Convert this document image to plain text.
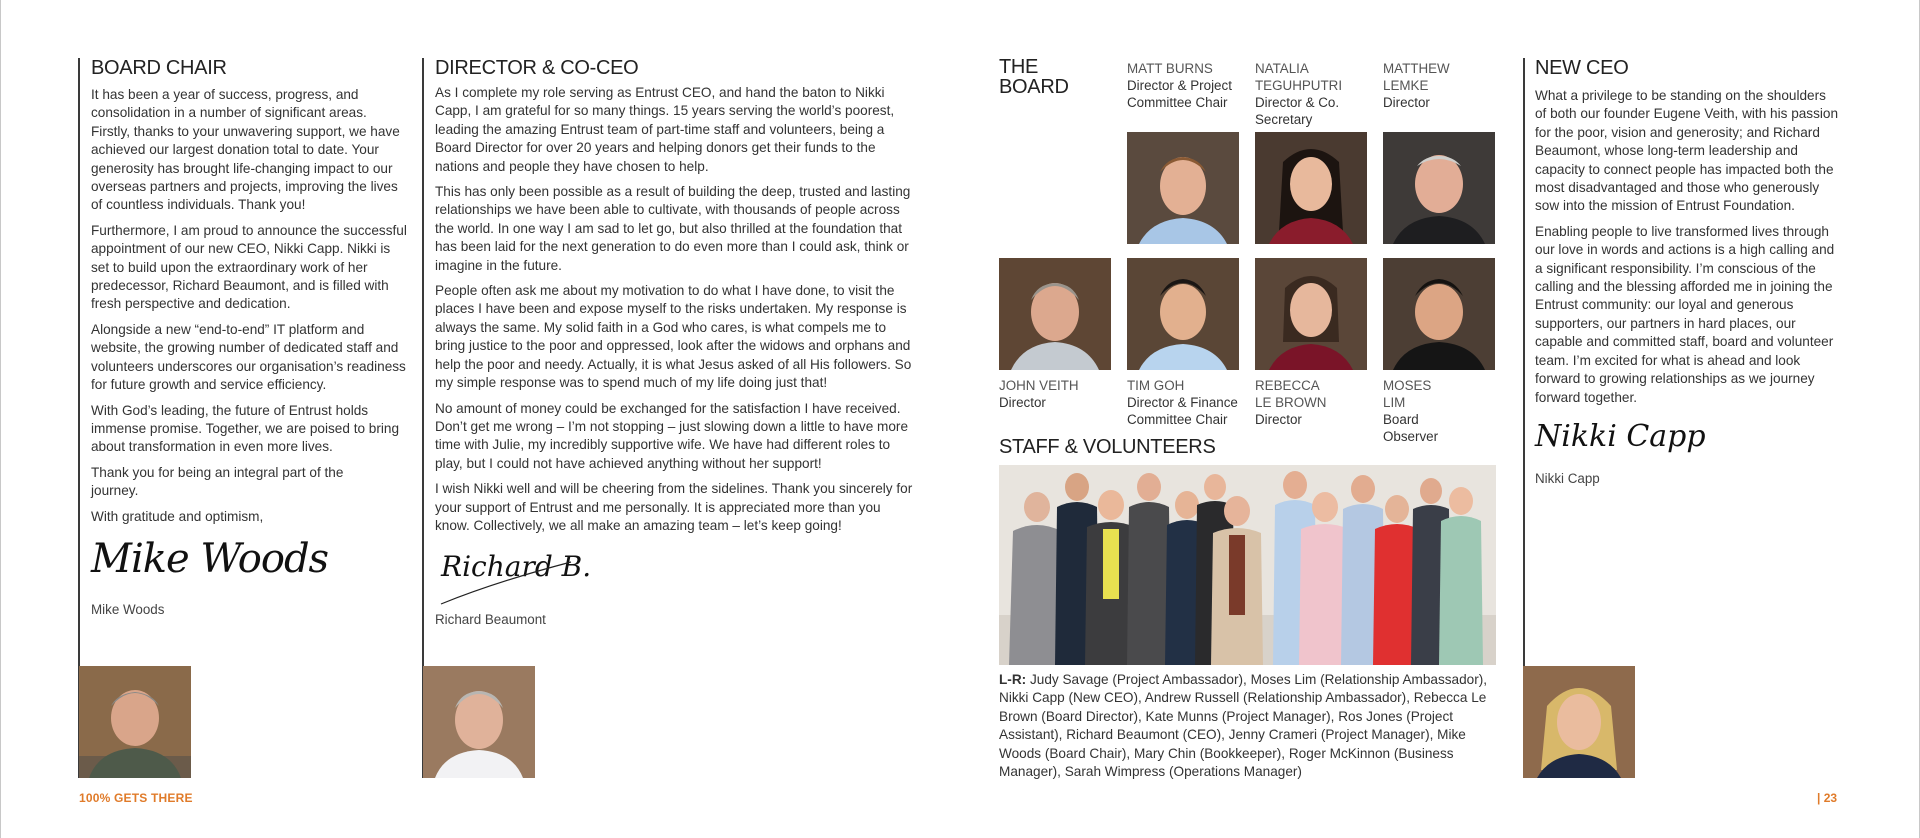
BOARD CHAIR

It has been a year of success, progress, and consolidation in a number of significant areas. Firstly, thanks to your unwavering support, we have achieved our largest donation total to date. Your generosity has brought life-changing impact to our overseas partners and projects, improving the lives of countless individuals. Thank you!

Furthermore, I am proud to announce the successful appointment of our new CEO, Nikki Capp. Nikki is set to build upon the extraordinary work of her predecessor, Richard Beaumont, and is filled with fresh perspective and dedication.

Alongside a new “end-to-end” IT platform and website, the growing number of dedicated staff and volunteers underscores our organisation’s readiness for future growth and service efficiency.

With God’s leading, the future of Entrust holds immense promise. Together, we are poised to bring about transformation in even more lives.

Thank you for being an integral part of the journey.

With gratitude and optimism,

Mike Woods
Mike Woods
DIRECTOR & CO-CEO

As I complete my role serving as Entrust CEO, and hand the baton to Nikki Capp, I am grateful for so many things. 15 years serving the world’s poorest, leading the amazing Entrust team of part-time staff and volunteers, being a Board Director for over 20 years and helping donors get their funds to the nations and people they have chosen to help.

This has only been possible as a result of building the deep, trusted and lasting relationships we have been able to cultivate, with thousands of people across the world. In one way I am sad to let go, but also thrilled at the foundation that has been laid for the next generation to do even more than I could ask, think or imagine in the future.

People often ask me about my motivation to do what I have done, to visit the places I have been and expose myself to the risks undertaken. My response is always the same. My solid faith in a God who cares, is what compels me to bring justice to the poor and oppressed, look after the widows and orphans and help the poor and needy. Actually, it is what Jesus asked of all His followers. So my simple response was to spend much of my life doing just that!

No amount of money could be exchanged for the satisfaction I have received. Don’t get me wrong – I’m not stopping – just slowing down a little to have more time with Julie, my incredibly supportive wife. We have had different roles to play, but I could not have achieved anything without her support!

I wish Nikki well and will be cheering from the sidelines. Thank you sincerely for your support of Entrust and me personally. It is appreciated more than you know. Collectively, we all make an amazing team – let’s keep going!

Richard B.
Richard Beaumont
THE
BOARD
MATT BURNS
Director & Project Committee Chair
NATALIA TEGUHPUTRI
Director & Co. Secretary
MATTHEW LEMKE
Director
JOHN VEITH
Director
TIM GOH
Director & Finance Committee Chair
REBECCA LE BROWN
Director
MOSES LIM
Board Observer
STAFF & VOLUNTEERS
L-R: Judy Savage (Project Ambassador), Moses Lim (Relationship Ambassador), Nikki Capp (New CEO), Andrew Russell (Relationship Ambassador), Rebecca Le Brown (Board Director), Kate Munns (Project Manager), Ros Jones (Project Assistant), Richard Beaumont (CEO), Jenny Crameri (Project Manager), Mike Woods (Board Chair), Mary Chin (Bookkeeper), Roger McKinnon (Business Manager), Sarah Wimpress (Operations Manager)
NEW CEO

What a privilege to be standing on the shoulders of both our founder Eugene Veith, with his passion for the poor, vision and generosity; and Richard Beaumont, whose long-term leadership and capacity to connect people has impacted both the most disadvantaged and those who generously sow into the mission of Entrust Foundation.

Enabling people to live transformed lives through our love in words and actions is a high calling and a significant responsibility. I’m conscious of the calling and the blessing afforded me in joining the Entrust community: our loyal and generous supporters, our partners in hard places, our capable and committed staff, board and volunteer team. I’m excited for what is ahead and look forward to growing relationships as we journey forward together.

Nikki Capp
Nikki Capp
100% GETS THERE	| 23
